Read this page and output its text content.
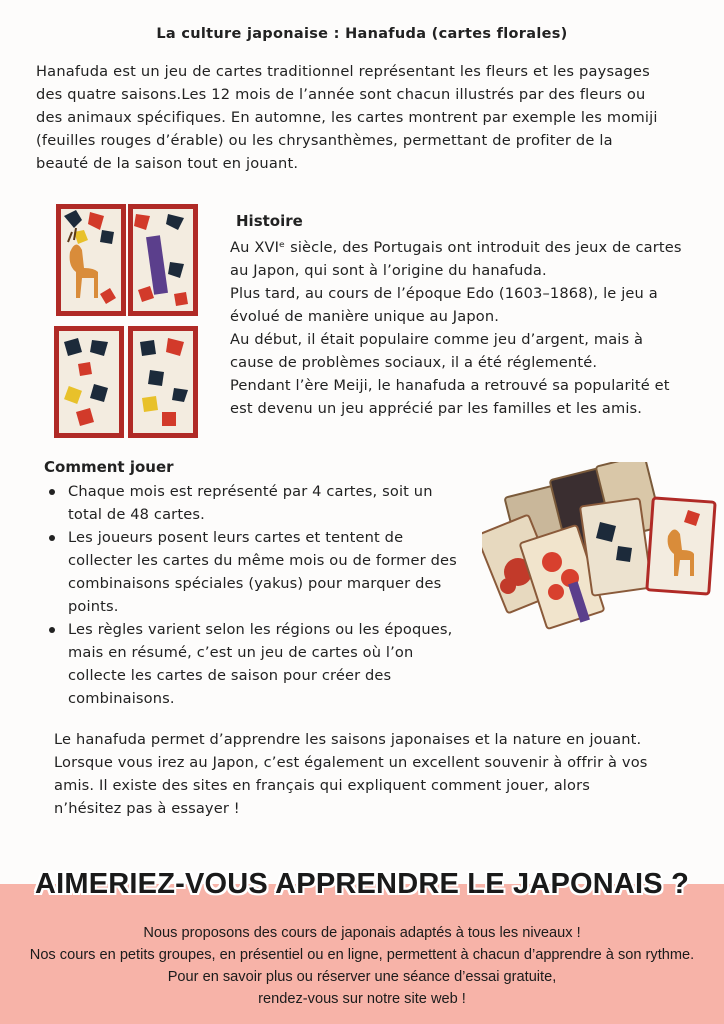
La culture japonaise : Hanafuda (cartes florales)
Hanafuda est un jeu de cartes traditionnel représentant les fleurs et les paysages
des quatre saisons.Les 12 mois de l’année sont chacun illustrés par des fleurs ou
des animaux spécifiques. En automne, les cartes montrent par exemple les momiji
(feuilles rouges d’érable) ou les chrysanthèmes, permettant de profiter de la
beauté de la saison tout en jouant.
Histoire

Au XVIᵉ siècle, des Portugais ont introduit des jeux de cartes

au Japon, qui sont à l’origine du hanafuda.

Plus tard, au cours de l’époque Edo (1603–1868), le jeu a

évolué de manière unique au Japon.

Au début, il était populaire comme jeu d’argent, mais à

cause de problèmes sociaux, il a été réglementé.

Pendant l’ère Meiji, le hanafuda a retrouvé sa popularité et

est devenu un jeu apprécié par les familles et les amis.

Comment jouer
Chaque mois est représenté par 4 cartes, soit un
total de 48 cartes.
Les joueurs posent leurs cartes et tentent de
collecter les cartes du même mois ou de former des
combinaisons spéciales (yakus) pour marquer des
points.
Les règles varient selon les régions ou les époques,
mais en résumé, c’est un jeu de cartes où l’on
collecte les cartes de saison pour créer des
combinaisons.
Le hanafuda permet d’apprendre les saisons japonaises et la nature en jouant.
Lorsque vous irez au Japon, c’est également un excellent souvenir à offrir à vos
amis. Il existe des sites en français qui expliquent comment jouer, alors
n’hésitez pas à essayer !
AIMERIEZ-VOUS APPRENDRE LE JAPONAIS ?
Nous proposons des cours de japonais adaptés à tous les niveaux !
Nos cours en petits groupes, en présentiel ou en ligne, permettent à chacun d’apprendre à son rythme.
Pour en savoir plus ou réserver une séance d’essai gratuite,
rendez-vous sur notre site web !
